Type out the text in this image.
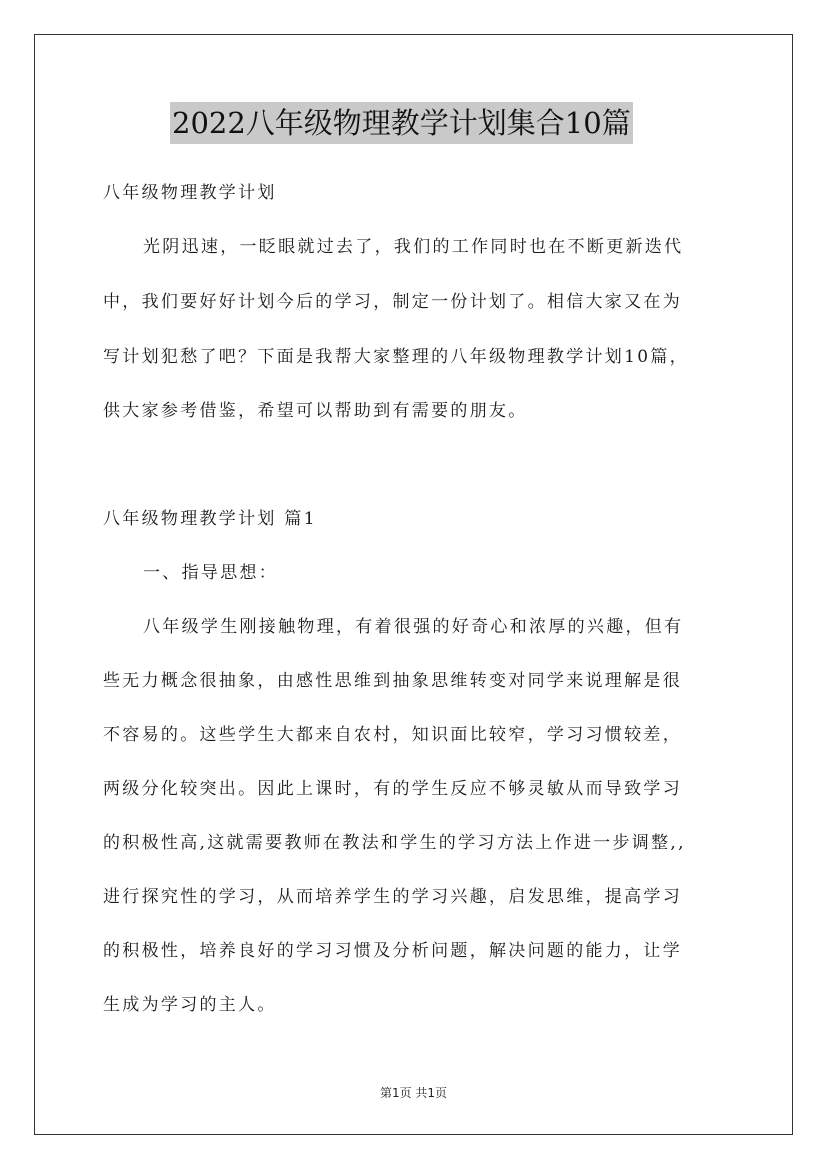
2022八年级物理教学计划集合10篇
八年级物理教学计划
光阴迅速，一眨眼就过去了，我们的工作同时也在不断更新迭代
中，我们要好好计划今后的学习，制定一份计划了。相信大家又在为
写计划犯愁了吧？下面是我帮大家整理的八年级物理教学计划10篇，
供大家参考借鉴，希望可以帮助到有需要的朋友。
八年级物理教学计划 篇1
一、指导思想：
八年级学生刚接触物理，有着很强的好奇心和浓厚的兴趣，但有
些无力概念很抽象，由感性思维到抽象思维转变对同学来说理解是很
不容易的。这些学生大都来自农村，知识面比较窄，学习习惯较差，
两级分化较突出。因此上课时，有的学生反应不够灵敏从而导致学习
的积极性高,这就需要教师在教法和学生的学习方法上作进一步调整,,
进行探究性的学习，从而培养学生的学习兴趣，启发思维，提高学习
的积极性，培养良好的学习习惯及分析问题，解决问题的能力，让学
生成为学习的主人。
第1页 共1页
